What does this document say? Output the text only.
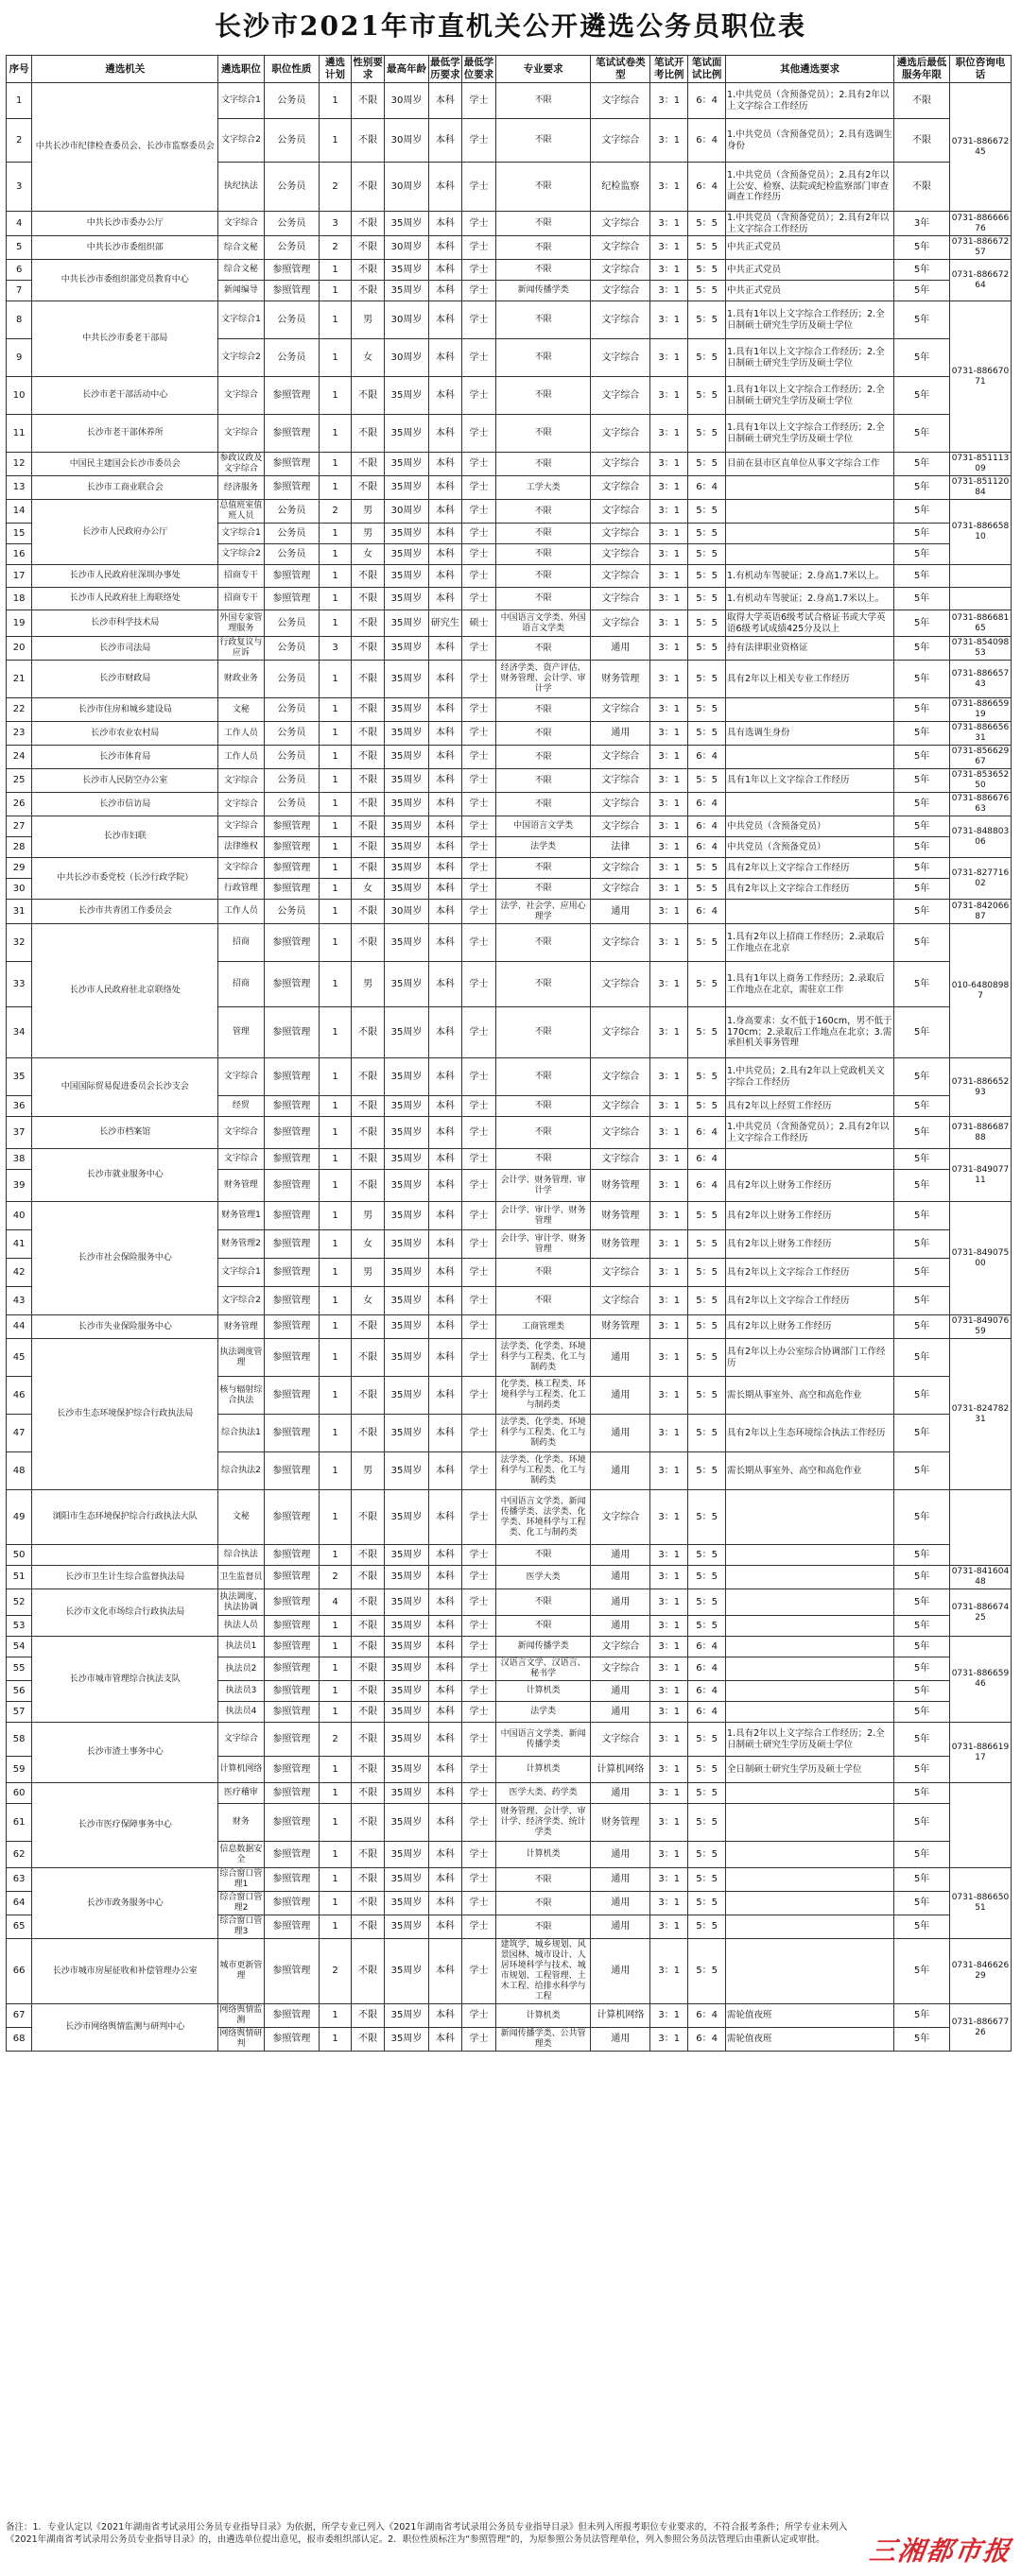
长沙市2021年市直机关公开遴选公务员职位表
序号	遴选机关	遴选职位	职位性质	遴选计划	性别要求	最高年龄	最低学历要求	最低学位要求	专业要求	笔试试卷类型	笔试开考比例	笔试面试比例	其他遴选要求	遴选后最低服务年限	职位咨询电话
1	中共长沙市纪律检查委员会、长沙市监察委员会	文字综合1	公务员	1	不限	30周岁	本科	学士	不限	文字综合	3：1	6：4	1.中共党员（含预备党员）；2.具有2年以上文字综合工作经历	不限	0731-88667245
2		文字综合2	公务员	1	不限	30周岁	本科	学士	不限	文字综合	3：1	6：4	1.中共党员（含预备党员）；2.具有选调生身份	不限	
3		执纪执法	公务员	2	不限	30周岁	本科	学士	不限	纪检监察	3：1	6：4	1.中共党员（含预备党员）；2.具有2年以上公安、检察、法院或纪检监察部门审查调查工作经历	不限	
4	中共长沙市委办公厅	文字综合	公务员	3	不限	35周岁	本科	学士	不限	文字综合	3：1	5：5	1.中共党员（含预备党员）；2.具有2年以上文字综合工作经历	3年	0731-88666676
5	中共长沙市委组织部	综合文秘	公务员	2	不限	30周岁	本科	学士	不限	文字综合	3：1	5：5	中共正式党员	5年	0731-88667257
6	中共长沙市委组织部党员教育中心	综合文秘	参照管理	1	不限	35周岁	本科	学士	不限	文字综合	3：1	5：5	中共正式党员	5年	0731-88667264
7		新闻编导	参照管理	1	不限	35周岁	本科	学士	新闻传播学类	文字综合	3：1	5：5	中共正式党员	5年	
8	中共长沙市委老干部局	文字综合1	公务员	1	男	30周岁	本科	学士	不限	文字综合	3：1	5：5	1.具有1年以上文字综合工作经历；2.全日制硕士研究生学历及硕士学位	5年	0731-88667071
9		文字综合2	公务员	1	女	30周岁	本科	学士	不限	文字综合	3：1	5：5	1.具有1年以上文字综合工作经历；2.全日制硕士研究生学历及硕士学位	5年	
10	长沙市老干部活动中心	文字综合	参照管理	1	不限	35周岁	本科	学士	不限	文字综合	3：1	5：5	1.具有1年以上文字综合工作经历；2.全日制硕士研究生学历及硕士学位	5年	
11	长沙市老干部休养所	文字综合	参照管理	1	不限	35周岁	本科	学士	不限	文字综合	3：1	5：5	1.具有1年以上文字综合工作经历；2.全日制硕士研究生学历及硕士学位	5年	
12	中国民主建国会长沙市委员会	参政议政及文字综合	参照管理	1	不限	35周岁	本科	学士	不限	文字综合	3：1	5：5	目前在县市区直单位从事文字综合工作	5年	0731-85111309
13	长沙市工商业联合会	经济服务	参照管理	1	不限	35周岁	本科	学士	工学大类	文字综合	3：1	6：4		5年	0731-85112084
14	长沙市人民政府办公厅	总值班室值班人员	公务员	2	男	30周岁	本科	学士	不限	文字综合	3：1	5：5		5年	0731-88665810
15		文字综合1	公务员	1	男	35周岁	本科	学士	不限	文字综合	3：1	5：5		5年	
16		文字综合2	公务员	1	女	35周岁	本科	学士	不限	文字综合	3：1	5：5		5年	
17	长沙市人民政府驻深圳办事处	招商专干	参照管理	1	不限	35周岁	本科	学士	不限	文字综合	3：1	5：5	1.有机动车驾驶证；2.身高1.7米以上。	5年	
18	长沙市人民政府驻上海联络处	招商专干	参照管理	1	不限	35周岁	本科	学士	不限	文字综合	3：1	5：5	1.有机动车驾驶证；2.身高1.7米以上。	5年	
19	长沙市科学技术局	外国专家管理服务	公务员	1	不限	35周岁	研究生	硕士	中国语言文学类、外国语言文学类	文字综合	3：1	5：5	取得大学英语6级考试合格证书或大学英语6级考试成绩425分及以上	5年	0731-88668165
20	长沙市司法局	行政复议与应诉	公务员	3	不限	35周岁	本科	学士	不限	通用	3：1	5：5	持有法律职业资格证	5年	0731-85409853
21	长沙市财政局	财政业务	公务员	1	不限	35周岁	本科	学士	经济学类、资产评估、财务管理、会计学、审计学	财务管理	3：1	5：5	具有2年以上相关专业工作经历	5年	0731-88665743
22	长沙市住房和城乡建设局	文秘	公务员	1	不限	35周岁	本科	学士	不限	文字综合	3：1	5：5		5年	0731-88665919
23	长沙市农业农村局	工作人员	公务员	1	不限	35周岁	本科	学士	不限	通用	3：1	5：5	具有选调生身份	5年	0731-88665631
24	长沙市体育局	工作人员	公务员	1	不限	35周岁	本科	学士	不限	文字综合	3：1	6：4		5年	0731-85662967
25	长沙市人民防空办公室	文字综合	公务员	1	不限	35周岁	本科	学士	不限	文字综合	3：1	5：5	具有1年以上文字综合工作经历	5年	0731-85365250
26	长沙市信访局	文字综合	公务员	1	不限	35周岁	本科	学士	不限	文字综合	3：1	6：4		5年	0731-88667663
27	长沙市妇联	文字综合	参照管理	1	不限	35周岁	本科	学士	中国语言文学类	文字综合	3：1	6：4	中共党员（含预备党员）	5年	0731-84880306
28		法律维权	参照管理	1	不限	35周岁	本科	学士	法学类	法律	3：1	6：4	中共党员（含预备党员）	5年	
29	中共长沙市委党校（长沙行政学院）	文字综合	参照管理	1	不限	35周岁	本科	学士	不限	文字综合	3：1	5：5	具有2年以上文字综合工作经历	5年	0731-82771602
30		行政管理	参照管理	1	女	35周岁	本科	学士	不限	文字综合	3：1	5：5	具有2年以上文字综合工作经历	5年	
31	长沙市共青团工作委员会	工作人员	公务员	1	不限	30周岁	本科	学士	法学、社会学、应用心理学	通用	3：1	6：4		5年	0731-84206687
32	长沙市人民政府驻北京联络处	招商	参照管理	1	不限	35周岁	本科	学士	不限	文字综合	3：1	5：5	1.具有2年以上招商工作经历；2.录取后工作地点在北京	5年	010-64808987
33		招商	参照管理	1	男	35周岁	本科	学士	不限	文字综合	3：1	5：5	1.具有1年以上商务工作经历；2.录取后工作地点在北京，需驻京工作	5年	
34		管理	参照管理	1	不限	35周岁	本科	学士	不限	文字综合	3：1	5：5	1.身高要求：女不低于160cm，男不低于170cm；2.录取后工作地点在北京；3.需承担机关事务管理	5年	
35	中国国际贸易促进委员会长沙支会	文字综合	参照管理	1	不限	35周岁	本科	学士	不限	文字综合	3：1	5：5	1.中共党员；2.具有2年以上党政机关文字综合工作经历	5年	0731-88665293
36		经贸	参照管理	1	不限	35周岁	本科	学士	不限	文字综合	3：1	5：5	具有2年以上经贸工作经历	5年	
37	长沙市档案馆	文字综合	参照管理	1	不限	35周岁	本科	学士	不限	文字综合	3：1	6：4	1.中共党员（含预备党员）；2.具有2年以上文字综合工作经历	5年	0731-88668788
38	长沙市就业服务中心	文字综合	参照管理	1	不限	35周岁	本科	学士	不限	文字综合	3：1	6：4		5年	0731-84907711
39		财务管理	参照管理	1	不限	35周岁	本科	学士	会计学、财务管理、审计学	财务管理	3：1	6：4	具有2年以上财务工作经历	5年	
40	长沙市社会保险服务中心	财务管理1	参照管理	1	男	35周岁	本科	学士	会计学、审计学、财务管理	财务管理	3：1	5：5	具有2年以上财务工作经历	5年	0731-84907500
41		财务管理2	参照管理	1	女	35周岁	本科	学士	会计学、审计学、财务管理	财务管理	3：1	5：5	具有2年以上财务工作经历	5年	
42		文字综合1	参照管理	1	男	35周岁	本科	学士	不限	文字综合	3：1	5：5	具有2年以上文字综合工作经历	5年	
43		文字综合2	参照管理	1	女	35周岁	本科	学士	不限	文字综合	3：1	5：5	具有2年以上文字综合工作经历	5年	
44	长沙市失业保险服务中心	财务管理	参照管理	1	不限	35周岁	本科	学士	工商管理类	财务管理	3：1	5：5	具有2年以上财务工作经历	5年	0731-84907659
45	长沙市生态环境保护综合行政执法局	执法调度管理	参照管理	1	不限	35周岁	本科	学士	法学类、化学类、环境科学与工程类、化工与制药类	通用	3：1	5：5	具有2年以上办公室综合协调部门工作经历	5年	0731-82478231
46		核与辐射综合执法	参照管理	1	不限	35周岁	本科	学士	化学类、核工程类、环境科学与工程类、化工与制药类	通用	3：1	5：5	需长期从事室外、高空和高危作业	5年	
47		综合执法1	参照管理	1	不限	35周岁	本科	学士	法学类、化学类、环境科学与工程类、化工与制药类	通用	3：1	5：5	具有2年以上生态环境综合执法工作经历	5年	
48		综合执法2	参照管理	1	男	35周岁	本科	学士	法学类、化学类、环境科学与工程类、化工与制药类	通用	3：1	5：5	需长期从事室外、高空和高危作业	5年	
49	浏阳市生态环境保护综合行政执法大队	文秘	参照管理	1	不限	35周岁	本科	学士	中国语言文学类、新闻传播学类、法学类、化学类、环境科学与工程类、化工与制药类	文字综合	3：1	5：5		5年	
50		综合执法	参照管理	1	不限	35周岁	本科	学士	不限	通用	3：1	5：5		5年	
51	长沙市卫生计生综合监督执法局	卫生监督员	参照管理	2	不限	35周岁	本科	学士	医学大类	通用	3：1	5：5		5年	0731-84160448
52	长沙市文化市场综合行政执法局	执法调度、执法协调	参照管理	4	不限	35周岁	本科	学士	不限	通用	3：1	5：5		5年	0731-88667425
53		执法人员	参照管理	1	不限	35周岁	本科	学士	不限	通用	3：1	5：5		5年	
54	长沙市城市管理综合执法支队	执法员1	参照管理	1	不限	35周岁	本科	学士	新闻传播学类	文字综合	3：1	6：4		5年	0731-88665946
55		执法员2	参照管理	1	不限	35周岁	本科	学士	汉语言文学、汉语言、秘书学	文字综合	3：1	6：4		5年	
56		执法员3	参照管理	1	不限	35周岁	本科	学士	计算机类	通用	3：1	6：4		5年	
57		执法员4	参照管理	1	不限	35周岁	本科	学士	法学类	通用	3：1	6：4		5年	
58	长沙市渣土事务中心	文字综合	参照管理	2	不限	35周岁	本科	学士	中国语言文学类、新闻传播学类	文字综合	3：1	5：5	1.具有2年以上文字综合工作经历；2.全日制硕士研究生学历及硕士学位	5年	0731-88661917
59		计算机网络	参照管理	1	不限	35周岁	本科	学士	计算机类	计算机网络	3：1	5：5	全日制硕士研究生学历及硕士学位	5年	
60	长沙市医疗保障事务中心	医疗稽审	参照管理	1	不限	35周岁	本科	学士	医学大类、药学类	通用	3：1	5：5		5年	
61		财务	参照管理	1	不限	35周岁	本科	学士	财务管理、会计学、审计学、经济学类、统计学类	财务管理	3：1	5：5		5年	
62		信息数据安全	参照管理	1	不限	35周岁	本科	学士	计算机类	通用	3：1	5：5		5年	
63	长沙市政务服务中心	综合窗口管理1	参照管理	1	不限	35周岁	本科	学士	不限	通用	3：1	5：5		5年	0731-88665051
64		综合窗口管理2	参照管理	1	不限	35周岁	本科	学士	不限	通用	3：1	5：5		5年	
65		综合窗口管理3	参照管理	1	不限	35周岁	本科	学士	不限	通用	3：1	5：5		5年	
66	长沙市城市房屋征收和补偿管理办公室	城市更新管理	参照管理	2	不限	35周岁	本科	学士	建筑学、城乡规划、风景园林、城市设计、人居环境科学与技术、城市规划、工程管理、土木工程、给排水科学与工程	通用	3：1	5：5		5年	0731-84662629
67	长沙市网络舆情监测与研判中心	网络舆情监测	参照管理	1	不限	35周岁	本科	学士	计算机类	计算机网络	3：1	6：4	需轮值夜班	5年	0731-88667726
68		网络舆情研判	参照管理	1	不限	35周岁	本科	学士	新闻传播学类、公共管理类	通用	3：1	6：4	需轮值夜班	5年	
备注：1．专业认定以《2021年湖南省考试录用公务员专业指导目录》为依据，所学专业已列入《2021年湖南省考试录用公务员专业指导目录》但未列入所报考职位专业要求的，不符合报考条件；所学专业未列入《2021年湖南省考试录用公务员专业指导目录》的，由遴选单位提出意见，报市委组织部认定。2．职位性质标注为“参照管理”的，为原参照公务员法管理单位，列入参照公务员法管理后由重新认定或审批。	三湘都市报
